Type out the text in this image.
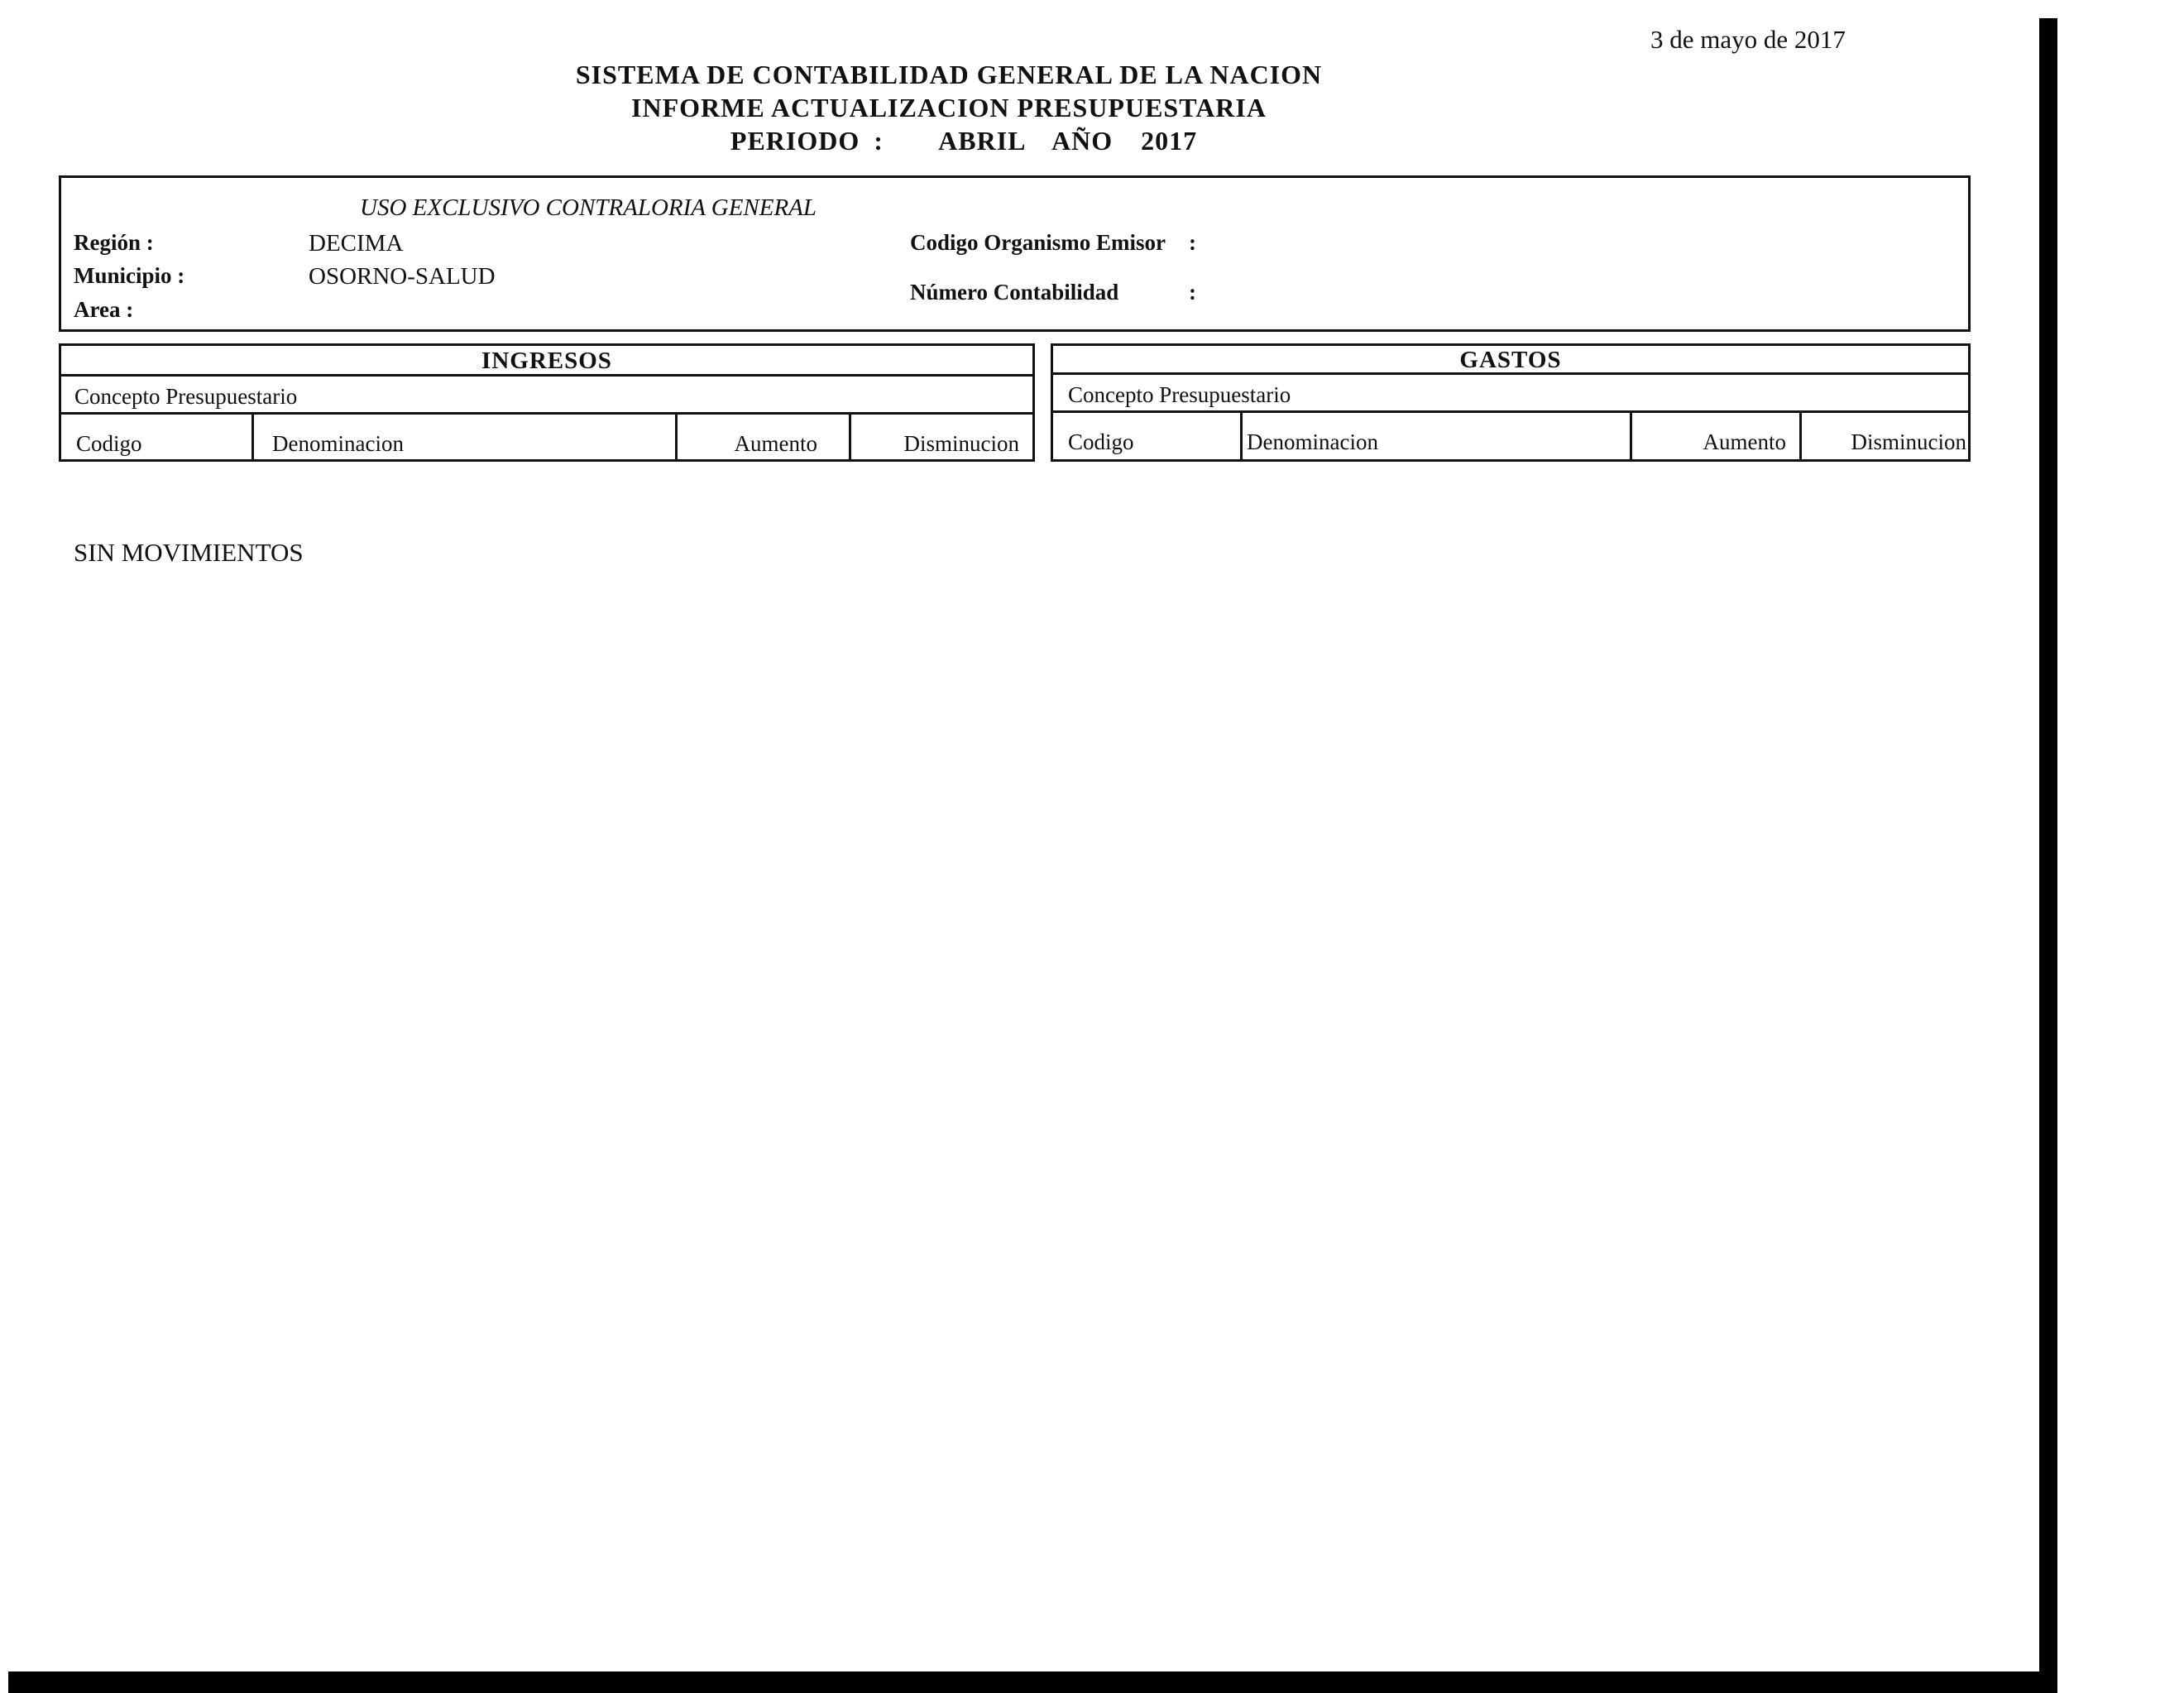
3 de mayo de 2017
SISTEMA DE CONTABILIDAD GENERAL DE LA NACION
INFORME ACTUALIZACION PRESUPUESTARIA
PERIODO :    ABRIL  AÑO  2017
USO EXCLUSIVO CONTRALORIA GENERAL
Región :	DECIMA
Municipio :	OSORNO-SALUD
Area :
Codigo Organismo Emisor :
Número Contabilidad	:
INGRESOS
Concepto Presupuestario
Codigo	Denominacion	Aumento	Disminucion
GASTOS
Concepto Presupuestario
Codigo	Denominacion	Aumento	Disminucion
SIN MOVIMIENTOS
